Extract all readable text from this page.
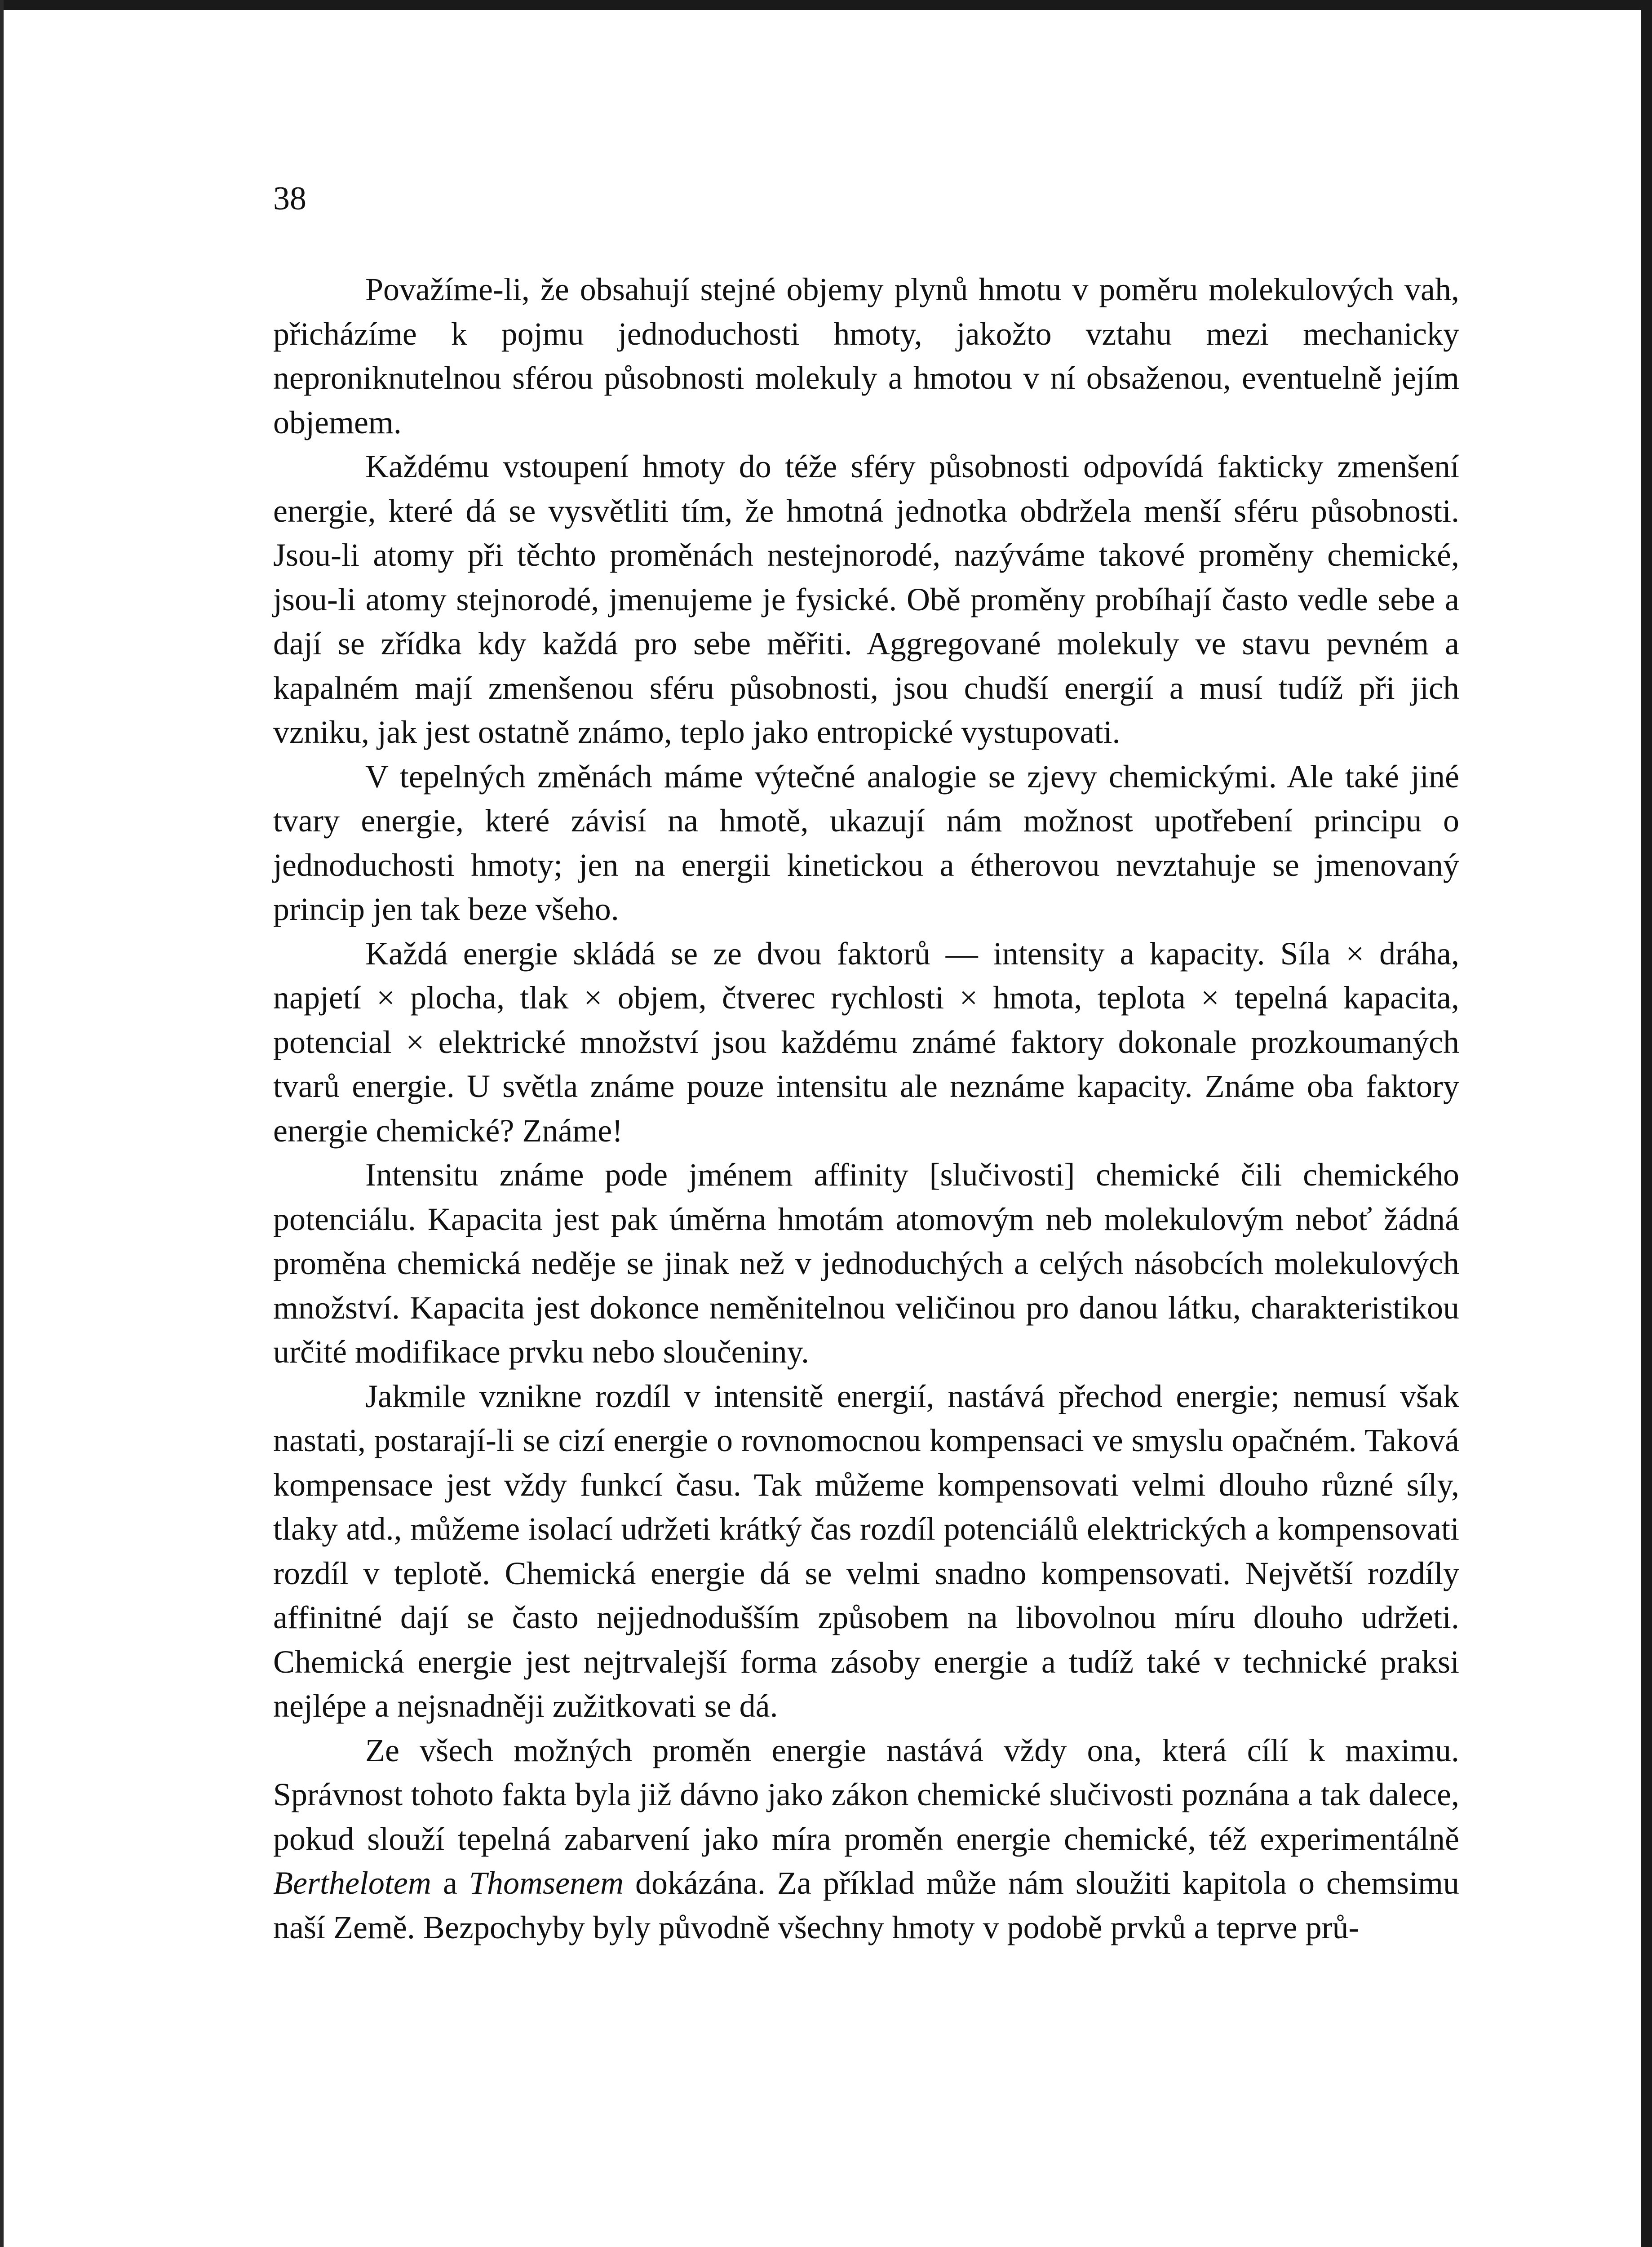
38

Považíme-li, že obsahují stejné objemy plynů hmotu v poměru molekulových vah, přicházíme k pojmu jednoduchosti hmoty, jakožto vztahu mezi mechanicky neproniknutelnou sférou působnosti molekuly a hmotou v ní obsaženou, eventuelně jejím objemem.

Každému vstoupení hmoty do téže sféry působnosti odpovídá fakticky zmenšení energie, které dá se vysvětliti tím, že hmotná jednotka obdržela menší sféru působnosti. Jsou-li atomy při těchto proměnách nestejnorodé, nazýváme takové proměny chemické, jsou-li atomy stejnorodé, jmenujeme je fysické. Obě proměny probíhají často vedle sebe a dají se zřídka kdy každá pro sebe měřiti. Aggregované molekuly ve stavu pevném a kapalném mají zmenšenou sféru působnosti, jsou chudší energií a musí tudíž při jich vzniku, jak jest ostatně známo, teplo jako entropické vystupovati.

V tepelných změnách máme výtečné analogie se zjevy chemickými. Ale také jiné tvary energie, které závisí na hmotě, ukazují nám možnost upotřebení principu o jednoduchosti hmoty; jen na energii kinetickou a étherovou nevztahuje se jmenovaný princip jen tak beze všeho.

Každá energie skládá se ze dvou faktorů — intensity a kapacity. Síla × dráha, napjetí × plocha, tlak × objem, čtverec rychlosti × hmota, teplota × tepelná kapacita, potencial × elektrické množství jsou každému známé faktory dokonale prozkoumaných tvarů energie. U světla známe pouze intensitu ale neznáme kapacity. Známe oba faktory energie chemické? Známe!

Intensitu známe pode jménem affinity [slučivosti] chemické čili chemického potenciálu. Kapacita jest pak úměrna hmotám atomovým neb molekulovým neboť žádná proměna chemická neděje se jinak než v jednoduchých a celých násobcích molekulových množství. Kapacita jest dokonce neměnitelnou veličinou pro danou látku, charakteristikou určité modifikace prvku nebo sloučeniny.

Jakmile vznikne rozdíl v intensitě energií, nastává přechod energie; nemusí však nastati, postarají-li se cizí energie o rovnomocnou kompensaci ve smyslu opačném. Taková kompensace jest vždy funkcí času. Tak můžeme kompensovati velmi dlouho různé síly, tlaky atd., můžeme isolací udržeti krátký čas rozdíl potenciálů elektrických a kompensovati rozdíl v teplotě. Chemická energie dá se velmi snadno kompensovati. Největší rozdíly affinitné dají se často nejjednodušším způsobem na libovolnou míru dlouho udržeti. Chemická energie jest nejtrvalejší forma zásoby energie a tudíž také v technické praksi nejlépe a nejsnadněji zužitkovati se dá.

Ze všech možných proměn energie nastává vždy ona, která cílí k maximu. Správnost tohoto fakta byla již dávno jako zákon chemické slučivosti poznána a tak dalece, pokud slouží tepelná zabarvení jako míra proměn energie chemické, též experimentálně Berthelotem a Thomsenem dokázána. Za příklad může nám sloužiti kapitola o chemsimu naší Země. Bezpochyby byly původně všechny hmoty v podobě prvků a teprve prů-
